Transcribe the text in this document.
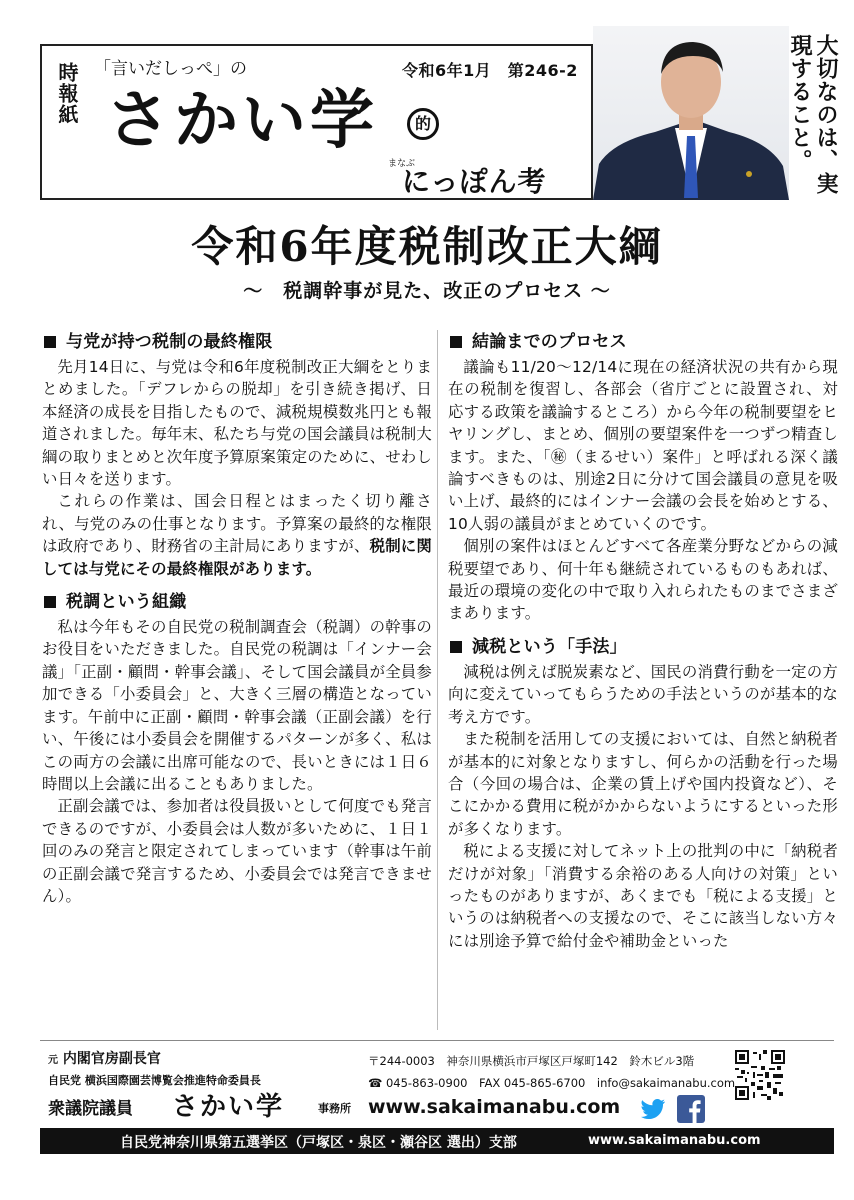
時報紙 「言いだしっぺ」の	令和6年1月　第246-2
さかい学
まなぶ
的
にっぽん考	大切なのは、実現すること。
令和6年度税制改正大綱
～　税調幹事が見た、改正のプロセス ～
与党が持つ税制の最終権限

先月14日に、与党は令和6年度税制改正大綱をとりまとめました。「デフレからの脱却」を引き続き掲げ、日本経済の成長を目指したもので、減税規模数兆円とも報道されました。毎年末、私たち与党の国会議員は税制大綱の取りまとめと次年度予算原案策定のために、せわしい日々を送ります。

これらの作業は、国会日程とはまったく切り離され、与党のみの仕事となります。予算案の最終的な権限は政府であり、財務省の主計局にありますが、税制に関しては与党にその最終権限があります。

税調という組織

私は今年もその自民党の税制調査会（税調）の幹事のお役目をいただきました。自民党の税調は「インナー会議」「正副・顧問・幹事会議」、そして国会議員が全員参加できる「小委員会」と、大きく三層の構造となっています。午前中に正副・顧問・幹事会議（正副会議）を行い、午後には小委員会を開催するパターンが多く、私はこの両方の会議に出席可能なので、長いときには１日６時間以上会議に出ることもありました。

正副会議では、参加者は役員扱いとして何度でも発言できるのですが、小委員会は人数が多いために、１日１回のみの発言と限定されてしまっています（幹事は午前の正副会議で発言するため、小委員会では発言できません）。

結論までのプロセス

議論も11/20～12/14に現在の経済状況の共有から現在の税制を復習し、各部会（省庁ごとに設置され、対応する政策を議論するところ）から今年の税制要望をヒヤリングし、まとめ、個別の要望案件を一つずつ精査します。また、「㊙（まるせい）案件」と呼ばれる深く議論すべきものは、別途2日に分けて国会議員の意見を吸い上げ、最終的にはインナー会議の会長を始めとする、10人弱の議員がまとめていくのです。

個別の案件はほとんどすべて各産業分野などからの減税要望であり、何十年も継続されているものもあれば、最近の環境の変化の中で取り入れられたものまでさまざまあります。

減税という「手法」

減税は例えば脱炭素など、国民の消費行動を一定の方向に変えていってもらうための手法というのが基本的な考え方です。

また税制を活用しての支援においては、自然と納税者が基本的に対象となりますし、何らかの活動を行った場合（今回の場合は、企業の賃上げや国内投資など）、そこにかかる費用に税がかからないようにするといった形が多くなります。

税による支援に対してネット上の批判の中に「納税者だけが対象」「消費する余裕のある人向けの対策」といったものがありますが、あくまでも「税による支援」というのは納税者への支援なので、そこに該当しない方々には別途予算で給付金や補助金といった

元 内閣官房副長官
自民党 横浜国際園芸博覧会推進特命委員長
衆議院議員 さかい学	事務所
〒244-0003　神奈川県横浜市戸塚区戸塚町142　鈴木ビル3階
☎ 045-863-0900　FAX 045-865-6700　info@sakaimanabu.com
www.sakaimanabu.com
自民党神奈川県第五選挙区（戸塚区・泉区・瀬谷区 選出）支部	www.sakaimanabu.com
